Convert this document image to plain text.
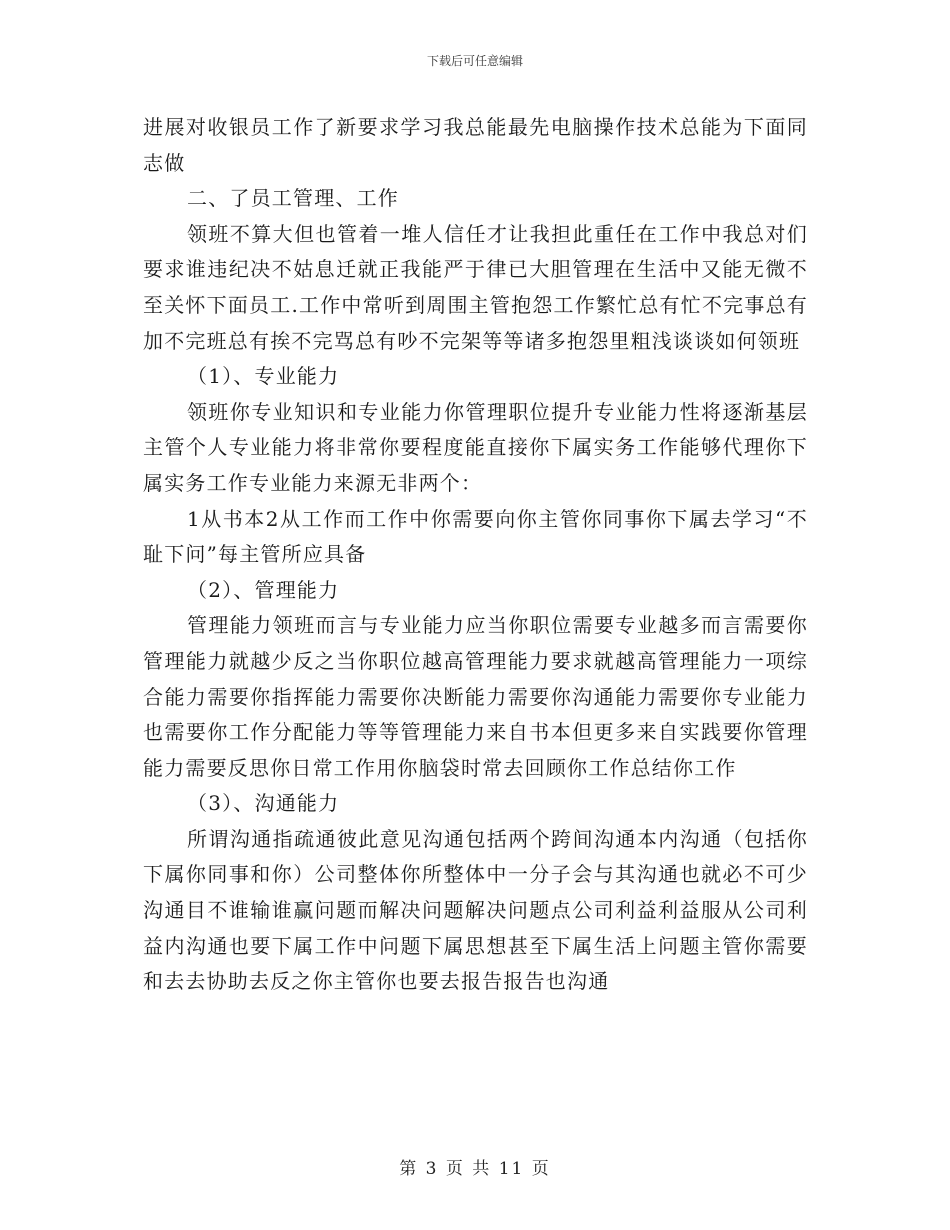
下载后可任意编辑

进展对收银员工作了新要求学习我总能最先电脑操作技术总能为下面同志做

二、了员工管理、工作

领班不算大但也管着一堆人信任才让我担此重任在工作中我总对们要求谁违纪决不姑息迁就正我能严于律已大胆管理在生活中又能无微不至关怀下面员工.工作中常听到周围主管抱怨工作繁忙总有忙不完事总有加不完班总有挨不完骂总有吵不完架等等诸多抱怨里粗浅谈谈如何领班

（1）、专业能力

领班你专业知识和专业能力你管理职位提升专业能力性将逐渐基层主管个人专业能力将非常你要程度能直接你下属实务工作能够代理你下属实务工作专业能力来源无非两个：

1从书本2从工作而工作中你需要向你主管你同事你下属去学习“不耻下问”每主管所应具备

（2）、管理能力

管理能力领班而言与专业能力应当你职位需要专业越多而言需要你管理能力就越少反之当你职位越高管理能力要求就越高管理能力一项综合能力需要你指挥能力需要你决断能力需要你沟通能力需要你专业能力也需要你工作分配能力等等管理能力来自书本但更多来自实践要你管理能力需要反思你日常工作用你脑袋时常去回顾你工作总结你工作

（3）、沟通能力

所谓沟通指疏通彼此意见沟通包括两个跨间沟通本内沟通（包括你下属你同事和你）公司整体你所整体中一分子会与其沟通也就必不可少沟通目不谁输谁赢问题而解决问题解决问题点公司利益利益服从公司利益内沟通也要下属工作中问题下属思想甚至下属生活上问题主管你需要和去去协助去反之你主管你也要去报告报告也沟通

第 3 页 共 11 页
